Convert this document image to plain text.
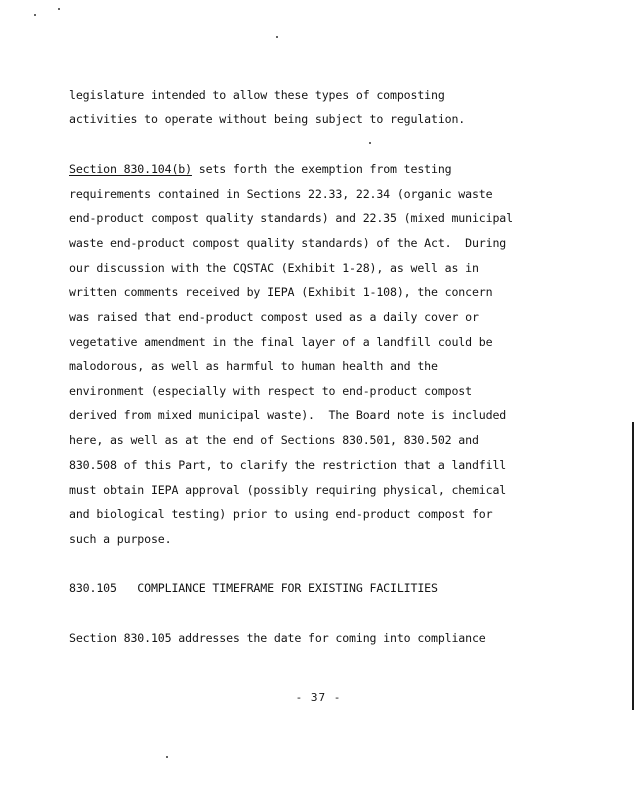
legislature intended to allow these types of composting
activities to operate without being subject to regulation.
Section 830.104(b) sets forth the exemption from testing
requirements contained in Sections 22.33, 22.34 (organic waste
end-product compost quality standards) and 22.35 (mixed municipal
waste end-product compost quality standards) of the Act.  During
our discussion with the CQSTAC (Exhibit 1-28), as well as in
written comments received by IEPA (Exhibit 1-108), the concern
was raised that end-product compost used as a daily cover or
vegetative amendment in the final layer of a landfill could be
malodorous, as well as harmful to human health and the
environment (especially with respect to end-product compost
derived from mixed municipal waste).  The Board note is included
here, as well as at the end of Sections 830.501, 830.502 and
830.508 of this Part, to clarify the restriction that a landfill
must obtain IEPA approval (possibly requiring physical, chemical
and biological testing) prior to using end-product compost for
such a purpose.
830.105   COMPLIANCE TIMEFRAME FOR EXISTING FACILITIES
Section 830.105 addresses the date for coming into compliance
- 37 -
